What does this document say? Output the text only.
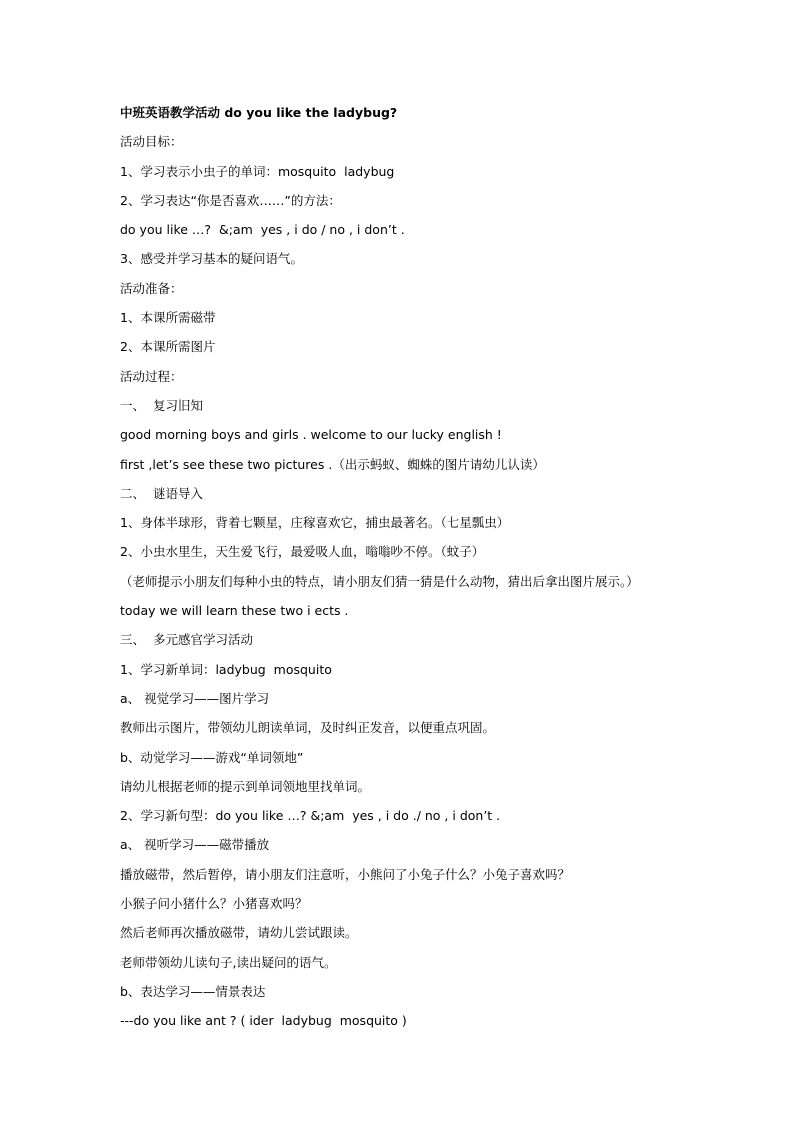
中班英语教学活动 do you like the ladybug?
活动目标：
1、学习表示小虫子的单词：mosquito  ladybug
2、学习表达“你是否喜欢……”的方法：
do you like …?  &;am  yes , i do / no , i don’t .
3、感受并学习基本的疑问语气。
活动准备：
1、本课所需磁带
2、本课所需图片
活动过程：
一、  复习旧知
good morning boys and girls . welcome to our lucky english !
first ,let’s see these two pictures .（出示蚂蚁、蜘蛛的图片请幼儿认读）
二、  谜语导入
1、身体半球形，背着七颗星，庄稼喜欢它，捕虫最著名。（七星瓢虫）
2、小虫水里生，天生爱飞行，最爱吸人血，嗡嗡吵不停。（蚊子）
（老师提示小朋友们每种小虫的特点，请小朋友们猜一猜是什么动物，猜出后拿出图片展示。）
today we will learn these two i ects .
三、  多元感官学习活动
1、学习新单词：ladybug  mosquito
a、 视觉学习——图片学习
教师出示图片，带领幼儿朗读单词，及时纠正发音，以便重点巩固。
b、动觉学习——游戏“单词领地”
请幼儿根据老师的提示到单词领地里找单词。
2、学习新句型：do you like …? &;am  yes , i do ./ no , i don’t .
a、 视听学习——磁带播放
播放磁带，然后暂停，请小朋友们注意听，小熊问了小兔子什么？小兔子喜欢吗？
小猴子问小猪什么？小猪喜欢吗？
然后老师再次播放磁带，请幼儿尝试跟读。
老师带领幼儿读句子,读出疑问的语气。
b、表达学习——情景表达
---do you like ant ? ( ider  ladybug  mosquito )
